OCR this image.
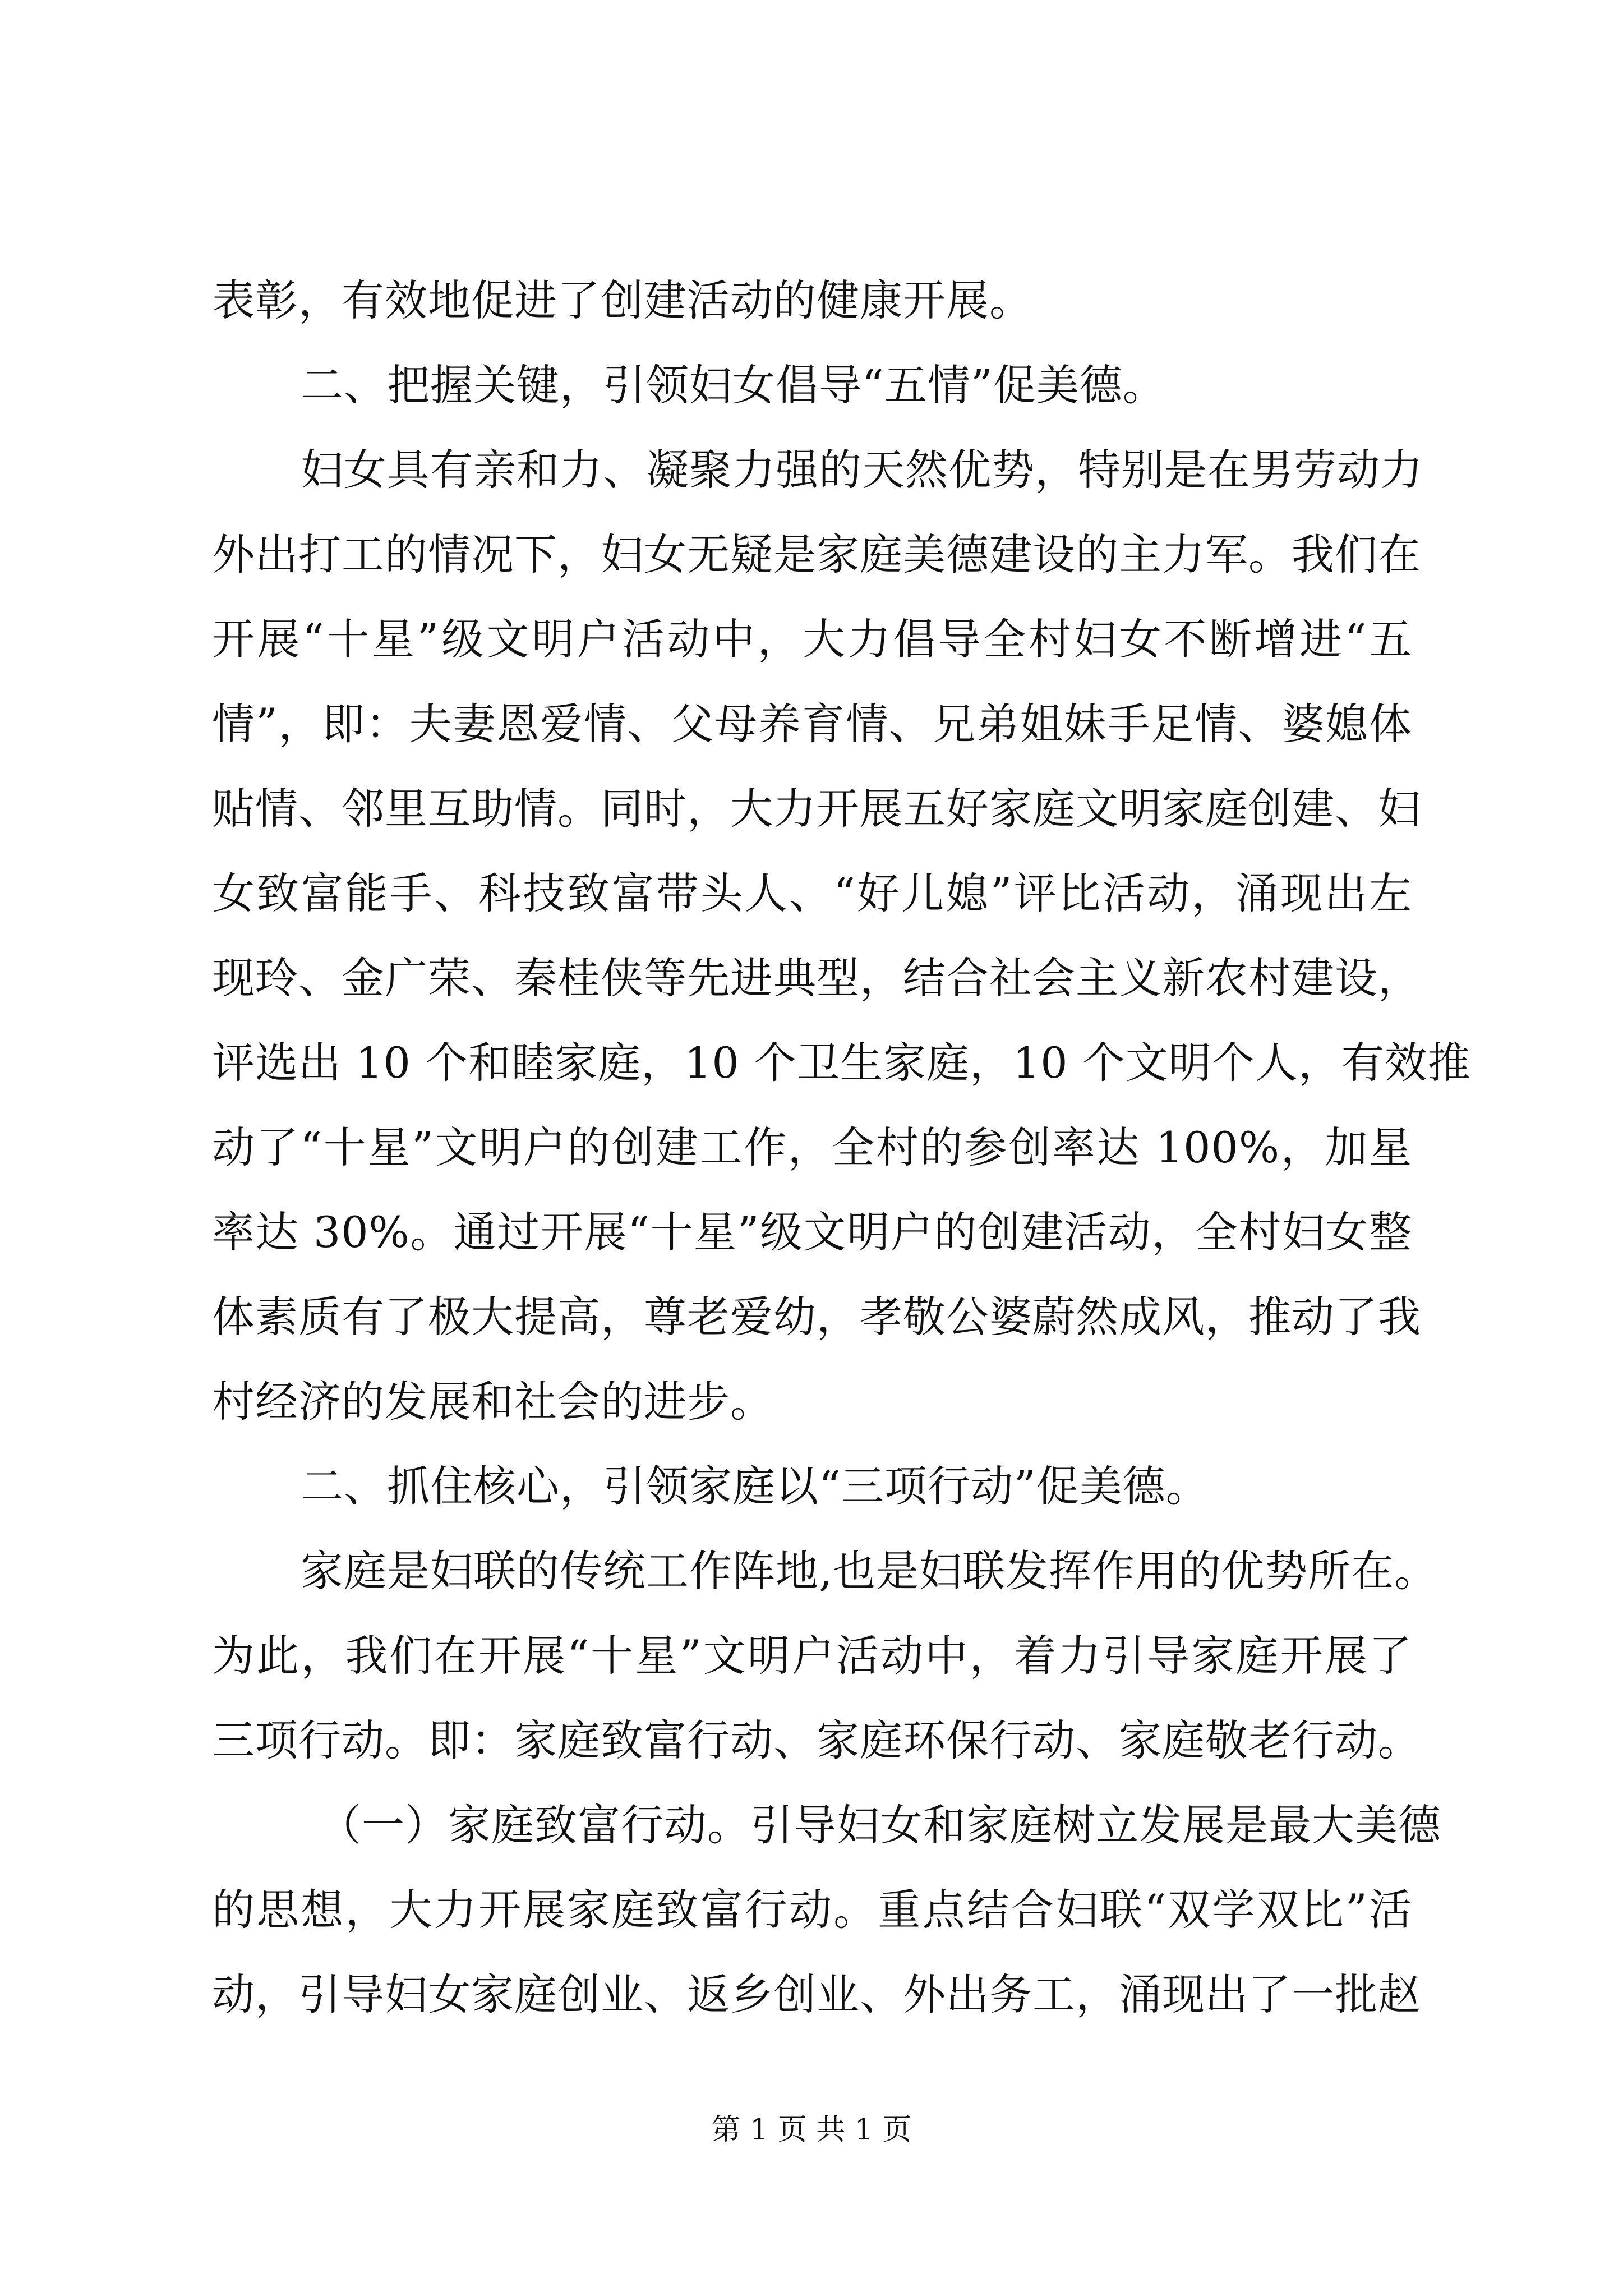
表彰，有效地促进了创建活动的健康开展。
二、把握关键，引领妇女倡导“五情”促美德。
妇女具有亲和力、凝聚力强的天然优势，特别是在男劳动力
外出打工的情况下，妇女无疑是家庭美德建设的主力军。我们在
开展“十星”级文明户活动中，大力倡导全村妇女不断增进“五
情”，即：夫妻恩爱情、父母养育情、兄弟姐妹手足情、婆媳体
贴情、邻里互助情。同时，大力开展五好家庭文明家庭创建、妇
女致富能手、科技致富带头人、“好儿媳”评比活动，涌现出左
现玲、金广荣、秦桂侠等先进典型，结合社会主义新农村建设，
评选出 10 个和睦家庭，10 个卫生家庭，10 个文明个人，有效推
动了“十星”文明户的创建工作，全村的参创率达 100%，加星
率达 30%。通过开展“十星”级文明户的创建活动，全村妇女整
体素质有了极大提高，尊老爱幼，孝敬公婆蔚然成风，推动了我
村经济的发展和社会的进步。
二、抓住核心，引领家庭以“三项行动”促美德。
家庭是妇联的传统工作阵地,也是妇联发挥作用的优势所在。
为此，我们在开展“十星”文明户活动中，着力引导家庭开展了
三项行动。即：家庭致富行动、家庭环保行动、家庭敬老行动。
（一）家庭致富行动。引导妇女和家庭树立发展是最大美德
的思想，大力开展家庭致富行动。重点结合妇联“双学双比”活
动，引导妇女家庭创业、返乡创业、外出务工，涌现出了一批赵
第 1 页 共 1 页
